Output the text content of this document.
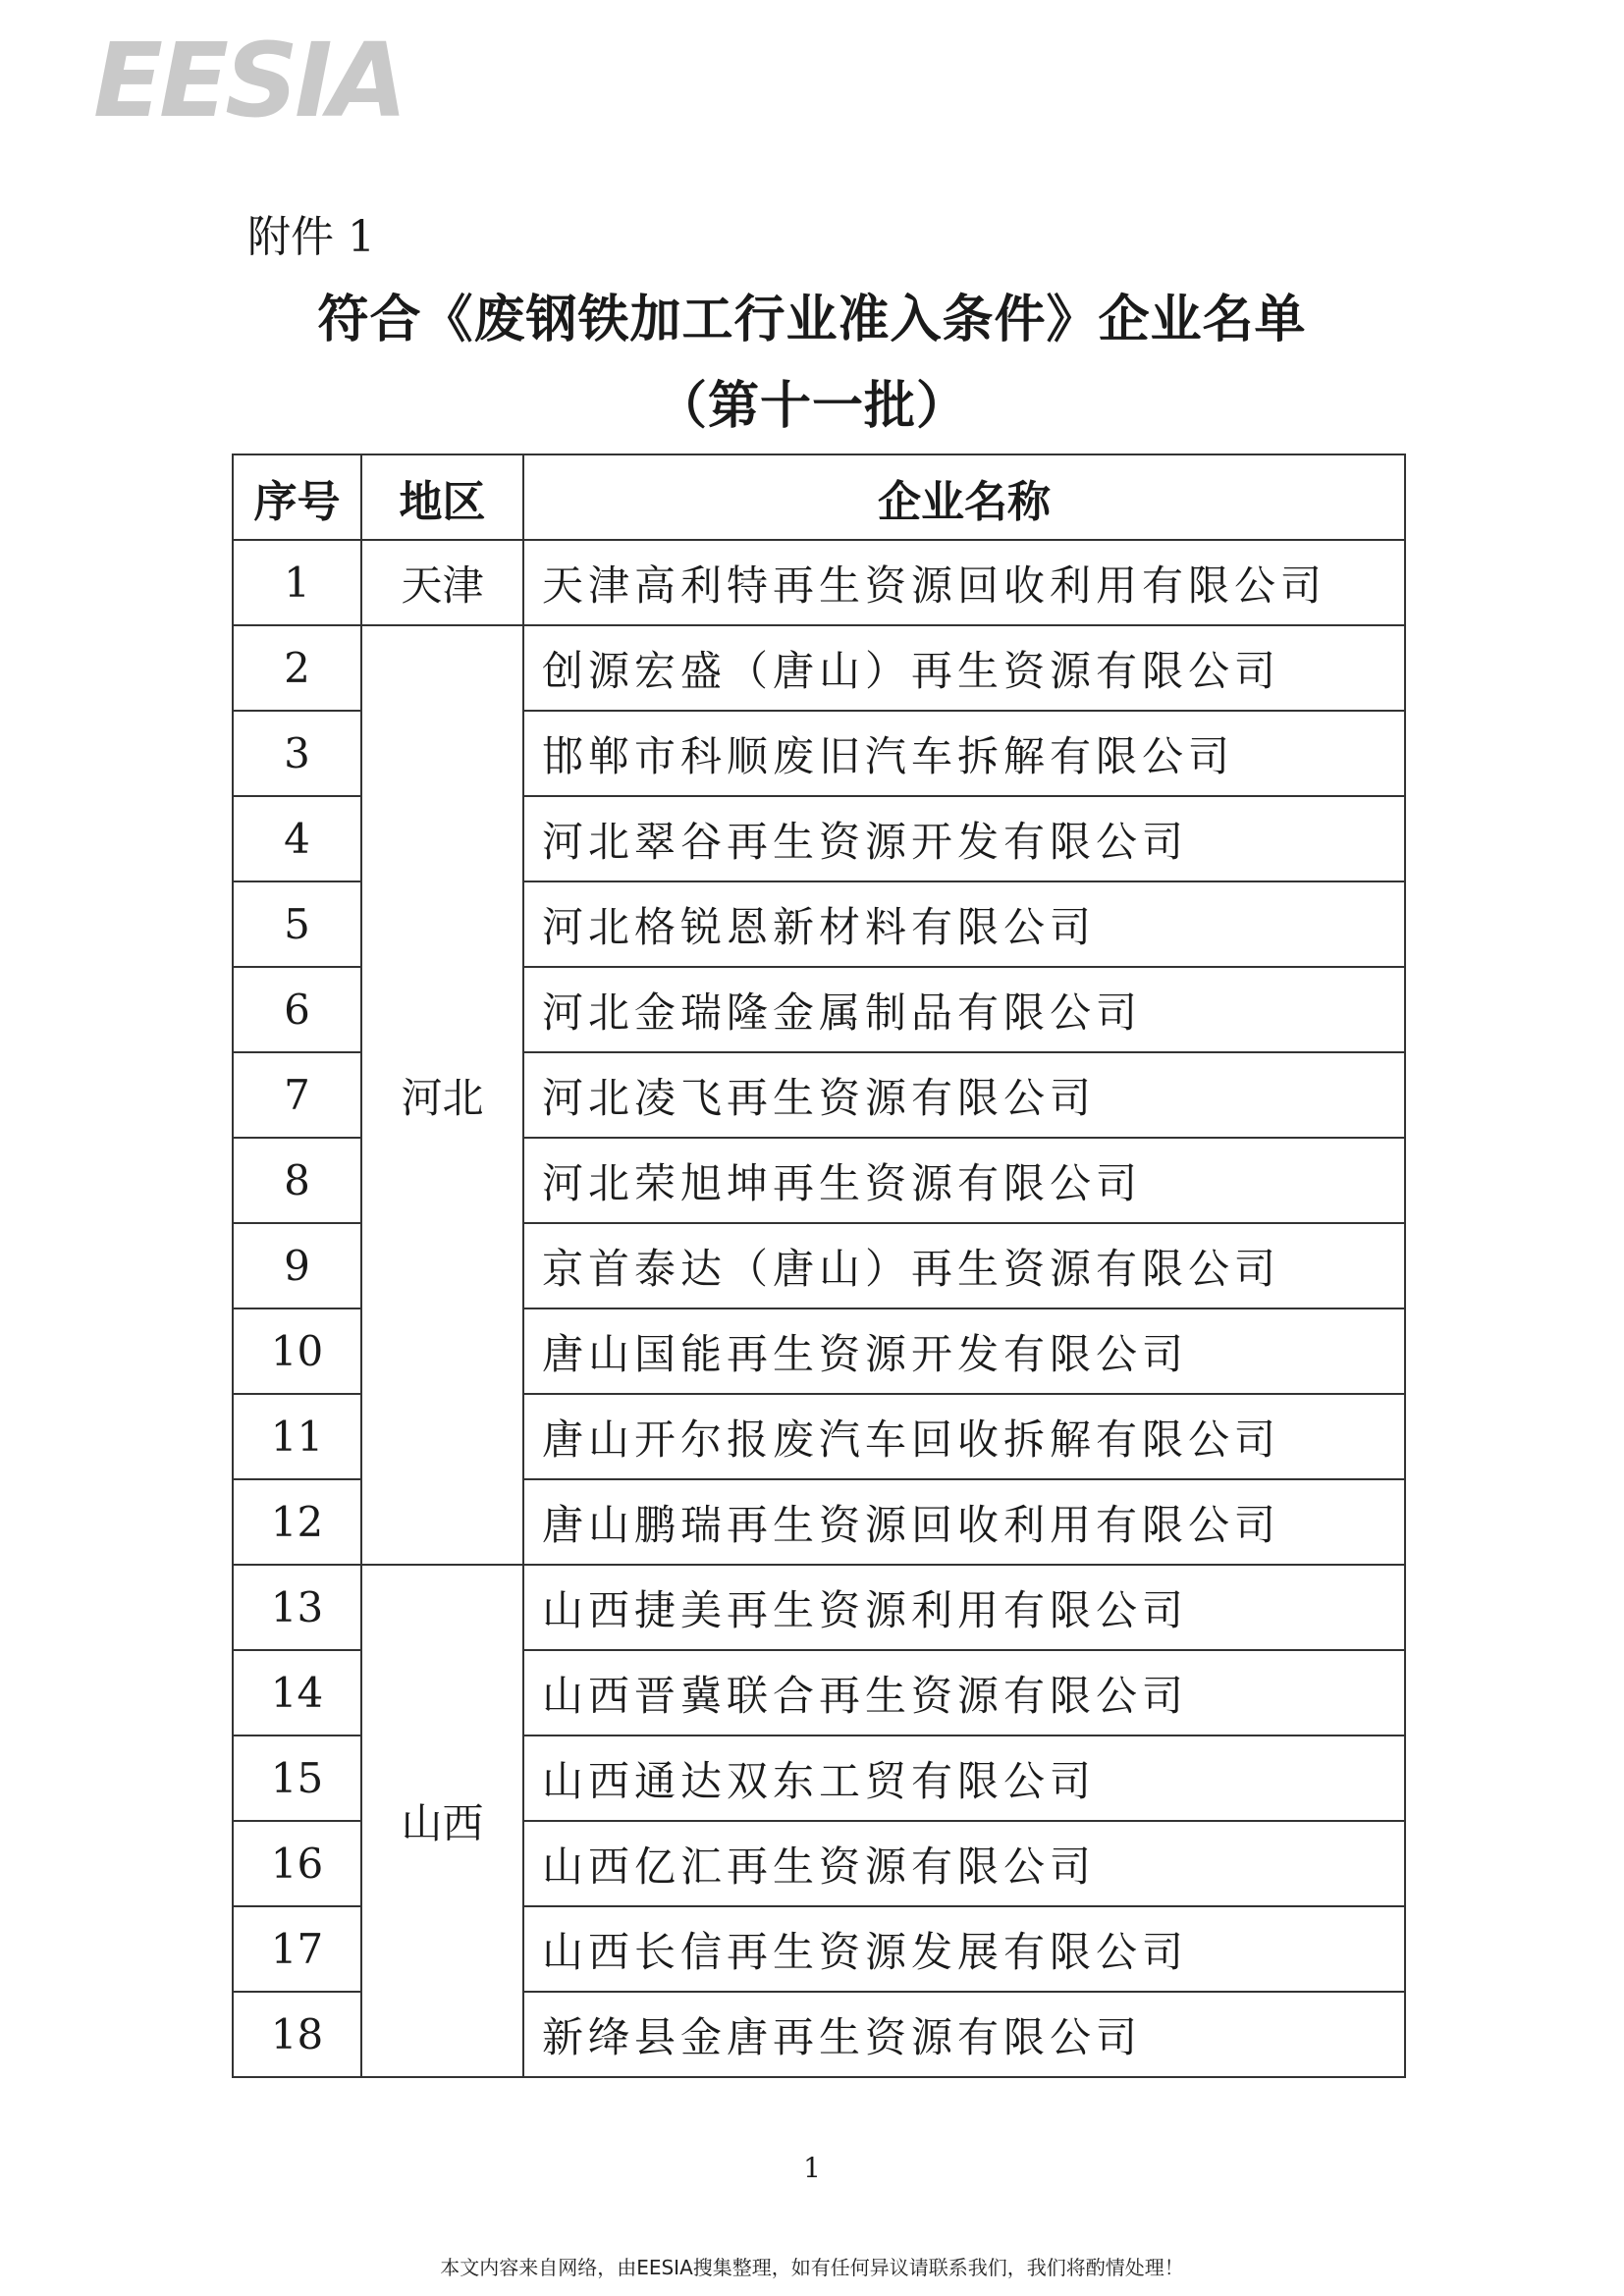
EESIA
附件 1
符合《废钢铁加工行业准入条件》企业名单
（第十一批）
序号	地区	企业名称
1	天津	天津高利特再生资源回收利用有限公司
2	河北	创源宏盛（唐山）再生资源有限公司
3		邯郸市科顺废旧汽车拆解有限公司
4		河北翠谷再生资源开发有限公司
5		河北格锐恩新材料有限公司
6		河北金瑞隆金属制品有限公司
7		河北凌飞再生资源有限公司
8		河北荣旭坤再生资源有限公司
9		京首泰达（唐山）再生资源有限公司
10		唐山国能再生资源开发有限公司
11		唐山开尔报废汽车回收拆解有限公司
12		唐山鹏瑞再生资源回收利用有限公司
13	山西	山西捷美再生资源利用有限公司
14		山西晋冀联合再生资源有限公司
15		山西通达双东工贸有限公司
16		山西亿汇再生资源有限公司
17		山西长信再生资源发展有限公司
18		新绛县金唐再生资源有限公司
1
本文内容来自网络，由EESIA搜集整理，如有任何异议请联系我们，我们将酌情处理！
